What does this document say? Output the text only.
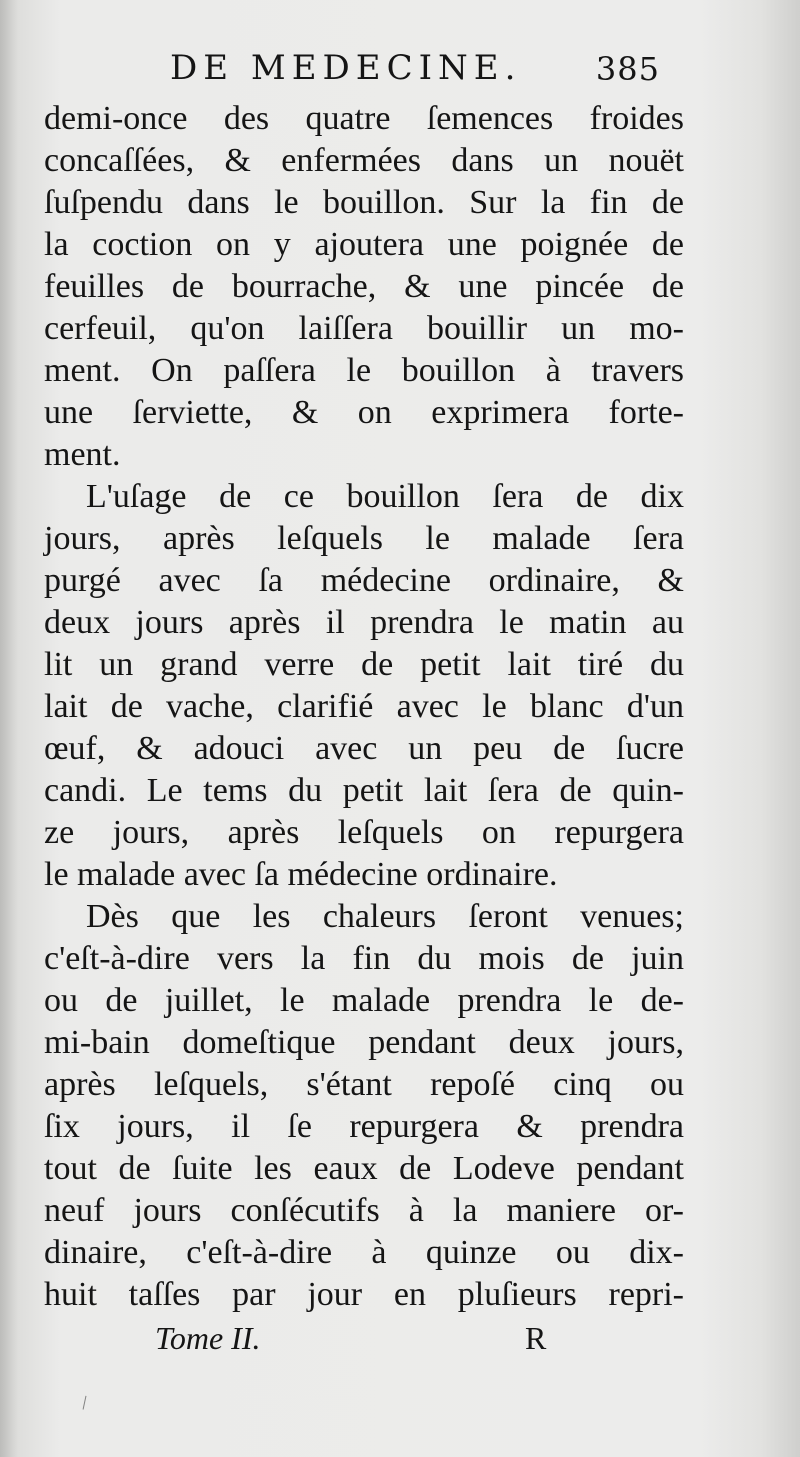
DE MEDECINE. 385
demi-once des quatre ſemences froides
concaſſées, & enfermées dans un nouët
ſuſpendu dans le bouillon. Sur la fin de
la coction on y ajoutera une poignée de
feuilles de bourrache, & une pincée de
cerfeuil, qu'on laiſſera bouillir un mo-
ment. On paſſera le bouillon à travers
une ſerviette, & on exprimera forte-
ment.
L'uſage de ce bouillon ſera de dix
jours, après leſquels le malade ſera
purgé avec ſa médecine ordinaire, &
deux jours après il prendra le matin au
lit un grand verre de petit lait tiré du
lait de vache, clarifié avec le blanc d'un
œuf, & adouci avec un peu de ſucre
candi. Le tems du petit lait ſera de quin-
ze jours, après leſquels on repurgera
le malade avec ſa médecine ordinaire.
Dès que les chaleurs ſeront venues;
c'eſt-à-dire vers la fin du mois de juin
ou de juillet, le malade prendra le de-
mi-bain domeſtique pendant deux jours,
après leſquels, s'étant repoſé cinq ou
ſix jours, il ſe repurgera & prendra
tout de ſuite les eaux de Lodeve pendant
neuf jours conſécutifs à la maniere or-
dinaire, c'eſt-à-dire à quinze ou dix-
huit taſſes par jour en pluſieurs repri-
Tome II.	R
